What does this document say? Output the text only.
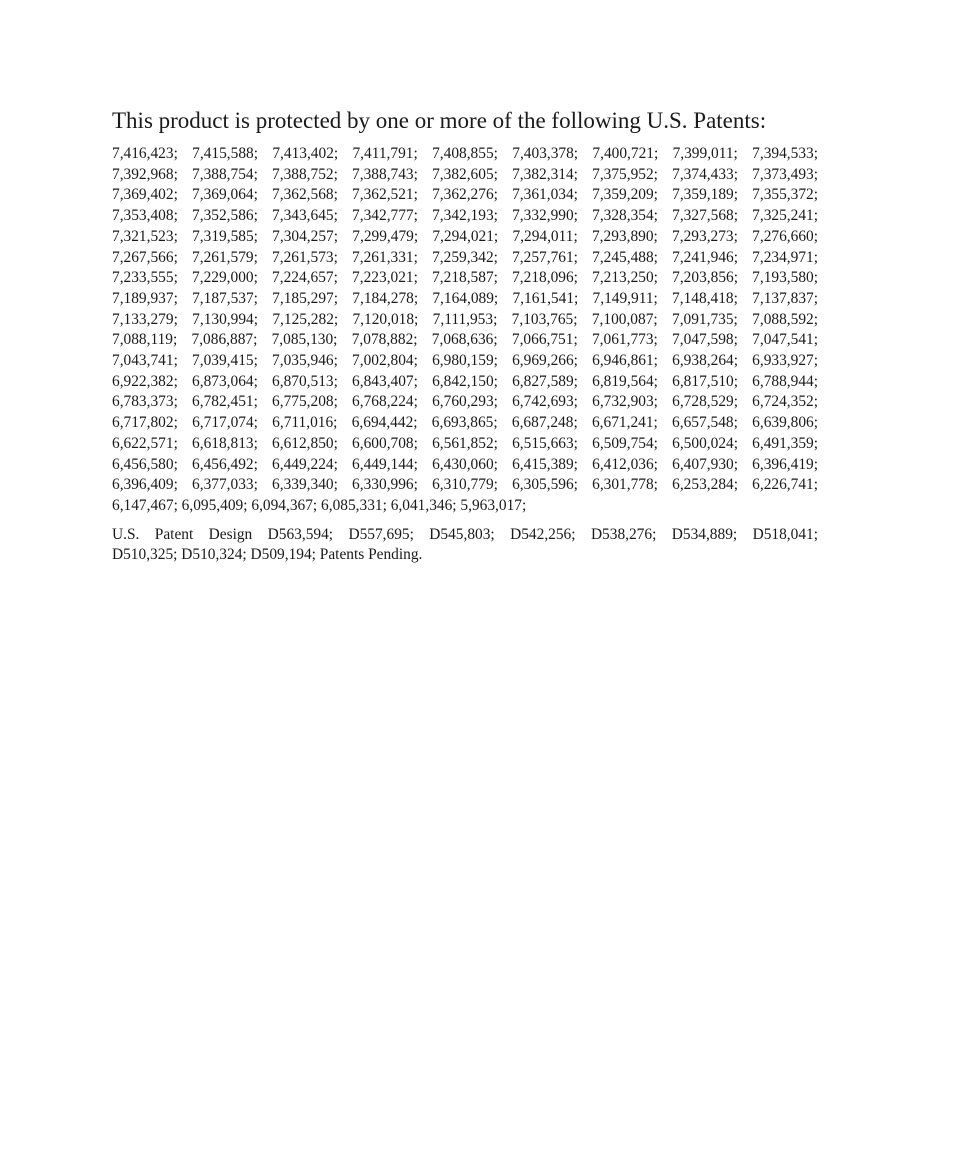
This product is protected by one or more of the following U.S. Patents:
7,416,423; 7,415,588; 7,413,402; 7,411,791; 7,408,855; 7,403,378; 7,400,721; 7,399,011; 7,394,533;
7,392,968; 7,388,754; 7,388,752; 7,388,743; 7,382,605; 7,382,314; 7,375,952; 7,374,433; 7,373,493;
7,369,402; 7,369,064; 7,362,568; 7,362,521; 7,362,276; 7,361,034; 7,359,209; 7,359,189; 7,355,372;
7,353,408; 7,352,586; 7,343,645; 7,342,777; 7,342,193; 7,332,990; 7,328,354; 7,327,568; 7,325,241;
7,321,523; 7,319,585; 7,304,257; 7,299,479; 7,294,021; 7,294,011; 7,293,890; 7,293,273; 7,276,660;
7,267,566; 7,261,579; 7,261,573; 7,261,331; 7,259,342; 7,257,761; 7,245,488; 7,241,946; 7,234,971;
7,233,555; 7,229,000; 7,224,657; 7,223,021; 7,218,587; 7,218,096; 7,213,250; 7,203,856; 7,193,580;
7,189,937; 7,187,537; 7,185,297; 7,184,278; 7,164,089; 7,161,541; 7,149,911; 7,148,418; 7,137,837;
7,133,279; 7,130,994; 7,125,282; 7,120,018; 7,111,953; 7,103,765; 7,100,087; 7,091,735; 7,088,592;
7,088,119; 7,086,887; 7,085,130; 7,078,882; 7,068,636; 7,066,751; 7,061,773; 7,047,598; 7,047,541;
7,043,741; 7,039,415; 7,035,946; 7,002,804; 6,980,159; 6,969,266; 6,946,861; 6,938,264; 6,933,927;
6,922,382; 6,873,064; 6,870,513; 6,843,407; 6,842,150; 6,827,589; 6,819,564; 6,817,510; 6,788,944;
6,783,373; 6,782,451; 6,775,208; 6,768,224; 6,760,293; 6,742,693; 6,732,903; 6,728,529; 6,724,352;
6,717,802; 6,717,074; 6,711,016; 6,694,442; 6,693,865; 6,687,248; 6,671,241; 6,657,548; 6,639,806;
6,622,571; 6,618,813; 6,612,850; 6,600,708; 6,561,852; 6,515,663; 6,509,754; 6,500,024; 6,491,359;
6,456,580; 6,456,492; 6,449,224; 6,449,144; 6,430,060; 6,415,389; 6,412,036; 6,407,930; 6,396,419;
6,396,409; 6,377,033; 6,339,340; 6,330,996; 6,310,779; 6,305,596; 6,301,778; 6,253,284; 6,226,741;
6,147,467; 6,095,409; 6,094,367; 6,085,331; 6,041,346; 5,963,017;
U.S. Patent Design D563,594; D557,695; D545,803; D542,256; D538,276; D534,889; D518,041;
D510,325; D510,324; D509,194; Patents Pending.
